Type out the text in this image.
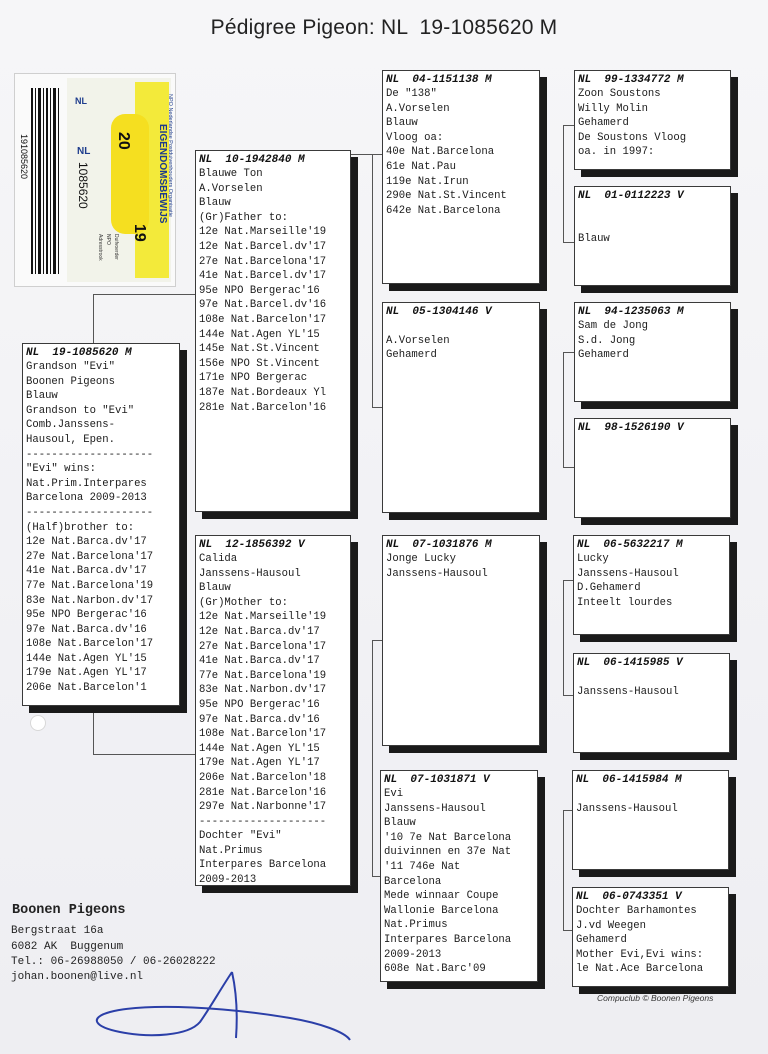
Pédigree Pigeon: NL  19-1085620 M
NL
EIGENDOMSBEWIJS NPO Nederlandse Postduivenhouders Organisatie
20
19
NL
1085620
191085620
Adresstrook NPO Duifvoerder
NL  19-1085620 M
Grandson "Evi"
Boonen Pigeons
Blauw
Grandson to "Evi"
Comb.Janssens-
Hausoul, Epen.
--------------------
"Evi" wins:
Nat.Prim.Interpares
Barcelona 2009-2013
--------------------
(Half)brother to:
12e Nat.Barca.dv'17
27e Nat.Barcelona'17
41e Nat.Barca.dv'17
77e Nat.Barcelona'19
83e Nat.Narbon.dv'17
95e NPO Bergerac'16
97e Nat.Barca.dv'16
108e Nat.Barcelon'17
144e Nat.Agen YL'15
179e Nat.Agen YL'17
206e Nat.Barcelon'1
NL  10-1942840 M
Blauwe Ton
A.Vorselen
Blauw
(Gr)Father to:
12e Nat.Marseille'19
12e Nat.Barcel.dv'17
27e Nat.Barcelona'17
41e Nat.Barcel.dv'17
95e NPO Bergerac'16
97e Nat.Barcel.dv'16
108e Nat.Barcelon'17
144e Nat.Agen YL'15
145e Nat.St.Vincent
156e NPO St.Vincent
171e NPO Bergerac
187e Nat.Bordeaux Yl
281e Nat.Barcelon'16
NL  12-1856392 V
Calida
Janssens-Hausoul
Blauw
(Gr)Mother to:
12e Nat.Marseille'19
12e Nat.Barca.dv'17
27e Nat.Barcelona'17
41e Nat.Barca.dv'17
77e Nat.Barcelona'19
83e Nat.Narbon.dv'17
95e NPO Bergerac'16
97e Nat.Barca.dv'16
108e Nat.Barcelon'17
144e Nat.Agen YL'15
179e Nat.Agen YL'17
206e Nat.Barcelon'18
281e Nat.Barcelon'16
297e Nat.Narbonne'17
--------------------
Dochter "Evi"
Nat.Primus
Interpares Barcelona
2009-2013
NL  04-1151138 M
De "138"
A.Vorselen
Blauw
Vloog oa:
40e Nat.Barcelona
61e Nat.Pau
119e Nat.Irun
290e Nat.St.Vincent
642e Nat.Barcelona
NL  05-1304146 V

A.Vorselen
Gehamerd
NL  07-1031876 M
Jonge Lucky
Janssens-Hausoul
NL  07-1031871 V
Evi
Janssens-Hausoul
Blauw
'10 7e Nat Barcelona
duivinnen en 37e Nat
'11 746e Nat
Barcelona
Mede winnaar Coupe
Wallonie Barcelona
Nat.Primus
Interpares Barcelona
2009-2013
608e Nat.Barc'09
NL  99-1334772 M
Zoon Soustons
Willy Molin
Gehamerd
De Soustons Vloog
oa. in 1997:
NL  01-0112223 V

Blauw
NL  94-1235063 M
Sam de Jong
S.d. Jong
Gehamerd
NL  98-1526190 V
NL  06-5632217 M
Lucky
Janssens-Hausoul
D.Gehamerd
Inteelt lourdes
NL  06-1415985 V

Janssens-Hausoul
NL  06-1415984 M

Janssens-Hausoul
NL  06-0743351 V
Dochter Barhamontes
J.vd Weegen
Gehamerd
Mother Evi,Evi wins:
le Nat.Ace Barcelona
Boonen Pigeons
Bergstraat 16a
6082 AK  Buggenum
Tel.: 06-26988050 / 06-26028222
johan.boonen@live.nl
Compuclub © Boonen Pigeons
